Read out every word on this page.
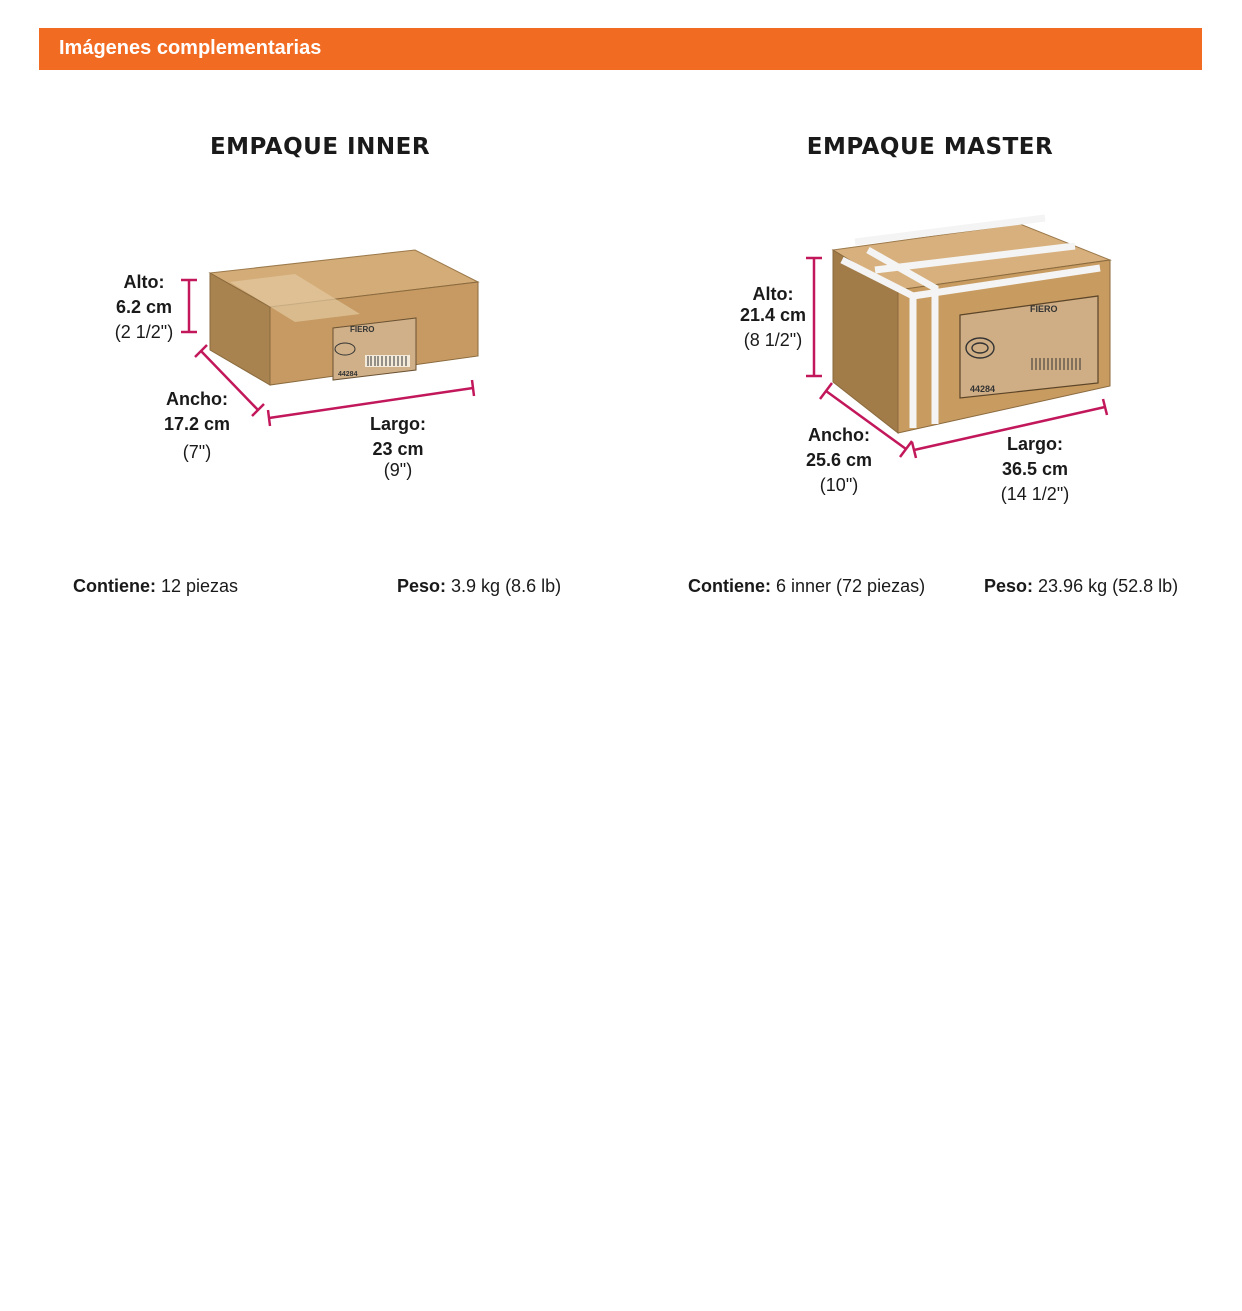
Imágenes complementarias
EMPAQUE INNER
FIERO
44284
Alto:
6.2 cm
(2 1/2")
Ancho:
17.2 cm
(7")
Largo:
23 cm
(9")
Contiene: 12 piezas	Peso: 3.9 kg (8.6 lb)
EMPAQUE MASTER
FIERO
44284
Alto:
21.4 cm
(8 1/2")
Ancho:
25.6 cm
(10")
Largo:
36.5 cm
(14 1/2")
Contiene: 6 inner (72 piezas)	Peso: 23.96 kg (52.8 lb)
